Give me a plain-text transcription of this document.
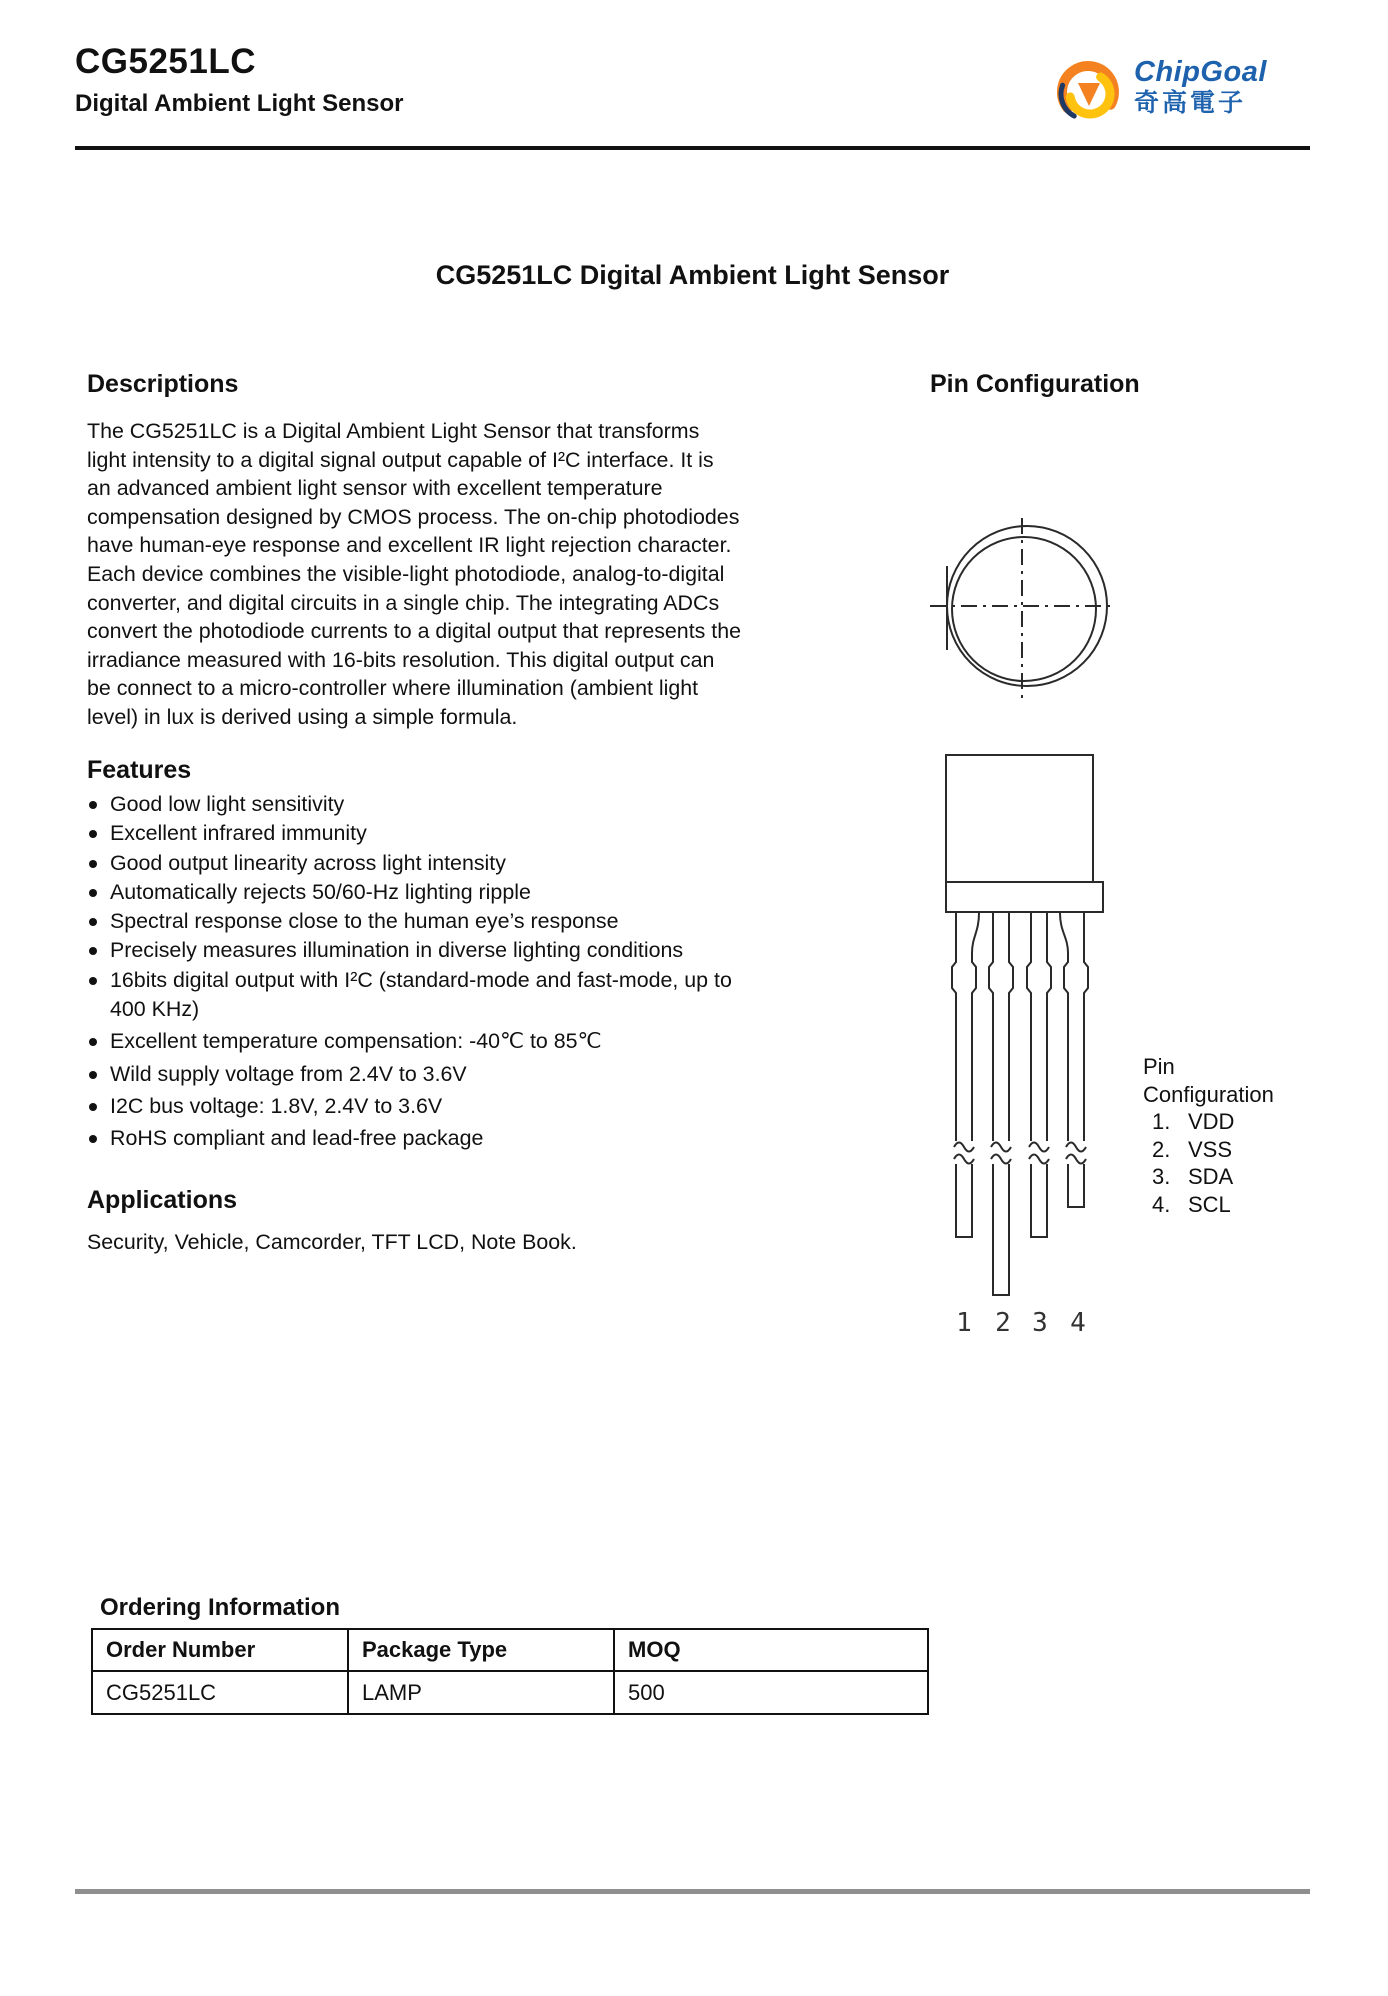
CG5251LC
Digital Ambient Light Sensor
ChipGoal
奇高電子
CG5251LC Digital Ambient Light Sensor
Descriptions

The CG5251LC is a Digital Ambient Light Sensor that transforms light intensity to a digital signal output capable of I²C interface. It is an advanced ambient light sensor with excellent temperature compensation designed by CMOS process. The on-chip photodiodes have human-eye response and excellent IR light rejection character.

Each device combines the visible-light photodiode, analog-to-digital converter, and digital circuits in a single chip. The integrating ADCs convert the photodiode currents to a digital output that represents the irradiance measured with 16-bits resolution. This digital output can be connect to a micro-controller where illumination (ambient light level) in lux is derived using a simple formula.

Features
Good low light sensitivity
Excellent infrared immunity
Good output linearity across light intensity
Automatically rejects 50/60-Hz lighting ripple
Spectral response close to the human eye’s response
Precisely measures illumination in diverse lighting conditions
16bits digital output with I²C (standard-mode and fast-mode, up to 400 KHz)
Excellent temperature compensation: -40℃ to 85℃
Wild supply voltage from 2.4V to 3.6V
I2C bus voltage: 1.8V, 2.4V to 3.6V
RoHS compliant and lead-free package
Applications
Security, Vehicle, Camcorder, TFT LCD, Note Book.
Pin Configuration
1 2 3 4
Pin
Configuration
1. VDD
2. VSS
3. SDA
4. SCL
Ordering Information
Order Number	Package Type	MOQ
CG5251LC	LAMP	500
